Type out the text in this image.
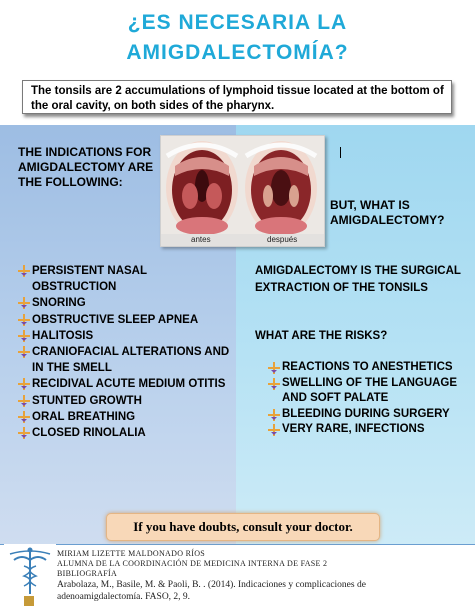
¿ES NECESARIA LA
AMIGDALECTOMÍA?
The tonsils are 2 accumulations of lymphoid tissue located at the bottom of the oral cavity, on both sides of the pharynx.
THE INDICATIONS FOR AMIGDALECTOMY ARE THE FOLLOWING:
antes	después
BUT, WHAT IS AMIGDALECTOMY?
PERSISTENT NASAL OBSTRUCTION
SNORING
OBSTRUCTIVE SLEEP APNEA
HALITOSIS
CRANIOFACIAL ALTERATIONS AND IN THE SMELL
RECIDIVAL ACUTE MEDIUM OTITIS
STUNTED GROWTH
ORAL BREATHING
CLOSED RINOLALIA
AMIGDALECTOMY IS THE SURGICAL EXTRACTION OF THE TONSILS
WHAT ARE THE RISKS?
REACTIONS TO ANESTHETICS
SWELLING OF THE LANGUAGE AND SOFT PALATE
BLEEDING DURING SURGERY
VERY RARE, INFECTIONS
If you have doubts, consult your doctor.
MIRIAM LIZETTE MALDONADO RÍOS
ALUMNA DE LA COORDINACIÓN DE MEDICINA INTERNA DE FASE 2
BIBLIOGRAFÍA
Arabolaza, M., Basile, M. & Paoli, B. . (2014). Indicaciones y complicaciones de
adenoamigdalectomía. FASO, 2, 9.
